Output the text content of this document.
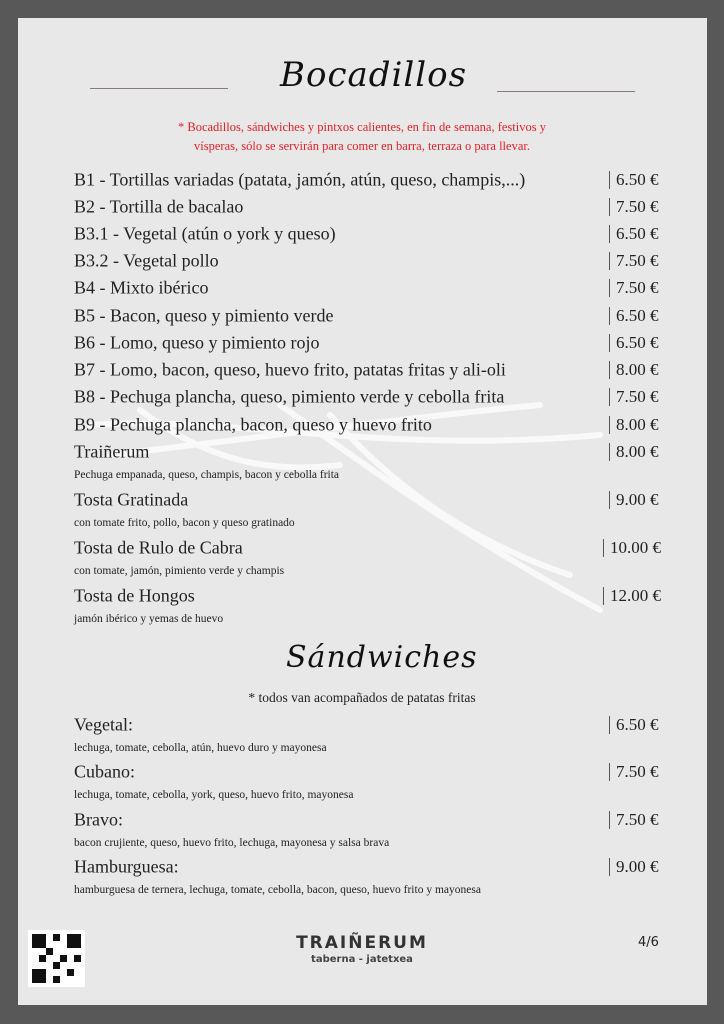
Bocadillos
* Bocadillos, sándwiches y pintxos calientes, en fin de semana, festivos y
vísperas, sólo se servirán para comer en barra, terraza o para llevar.
B1 - Tortillas variadas (patata, jamón, atún, queso, champis,...)	6.50 €
B2 - Tortilla de bacalao	7.50 €
B3.1 - Vegetal (atún o york y queso)	6.50 €
B3.2 - Vegetal pollo	7.50 €
B4 - Mixto ibérico	7.50 €
B5 - Bacon, queso y pimiento verde	6.50 €
B6 - Lomo, queso y pimiento rojo	6.50 €
B7 - Lomo, bacon, queso, huevo frito, patatas fritas y ali-oli	8.00 €
B8 - Pechuga plancha, queso, pimiento verde y cebolla frita	7.50 €
B9 - Pechuga plancha, bacon, queso y huevo frito	8.00 €
Traiñerum	8.00 €
Pechuga empanada, queso, champis, bacon y cebolla frita
Tosta Gratinada	9.00 €
con tomate frito, pollo, bacon y queso gratinado
Tosta de Rulo de Cabra	10.00 €
con tomate, jamón, pimiento verde y champis
Tosta de Hongos	12.00 €
jamón ibérico y yemas de huevo
Sándwiches
* todos van acompañados de patatas fritas
Vegetal:	6.50 €
lechuga, tomate, cebolla, atún, huevo duro y mayonesa
Cubano:	7.50 €
lechuga, tomate, cebolla, york, queso, huevo frito, mayonesa
Bravo:	7.50 €
bacon crujiente, queso, huevo frito, lechuga, mayonesa y salsa brava
Hamburguesa:	9.00 €
hamburguesa de ternera, lechuga, tomate, cebolla, bacon, queso, huevo frito y mayonesa
TRAIÑERUM
taberna - jatetxea
4/6
